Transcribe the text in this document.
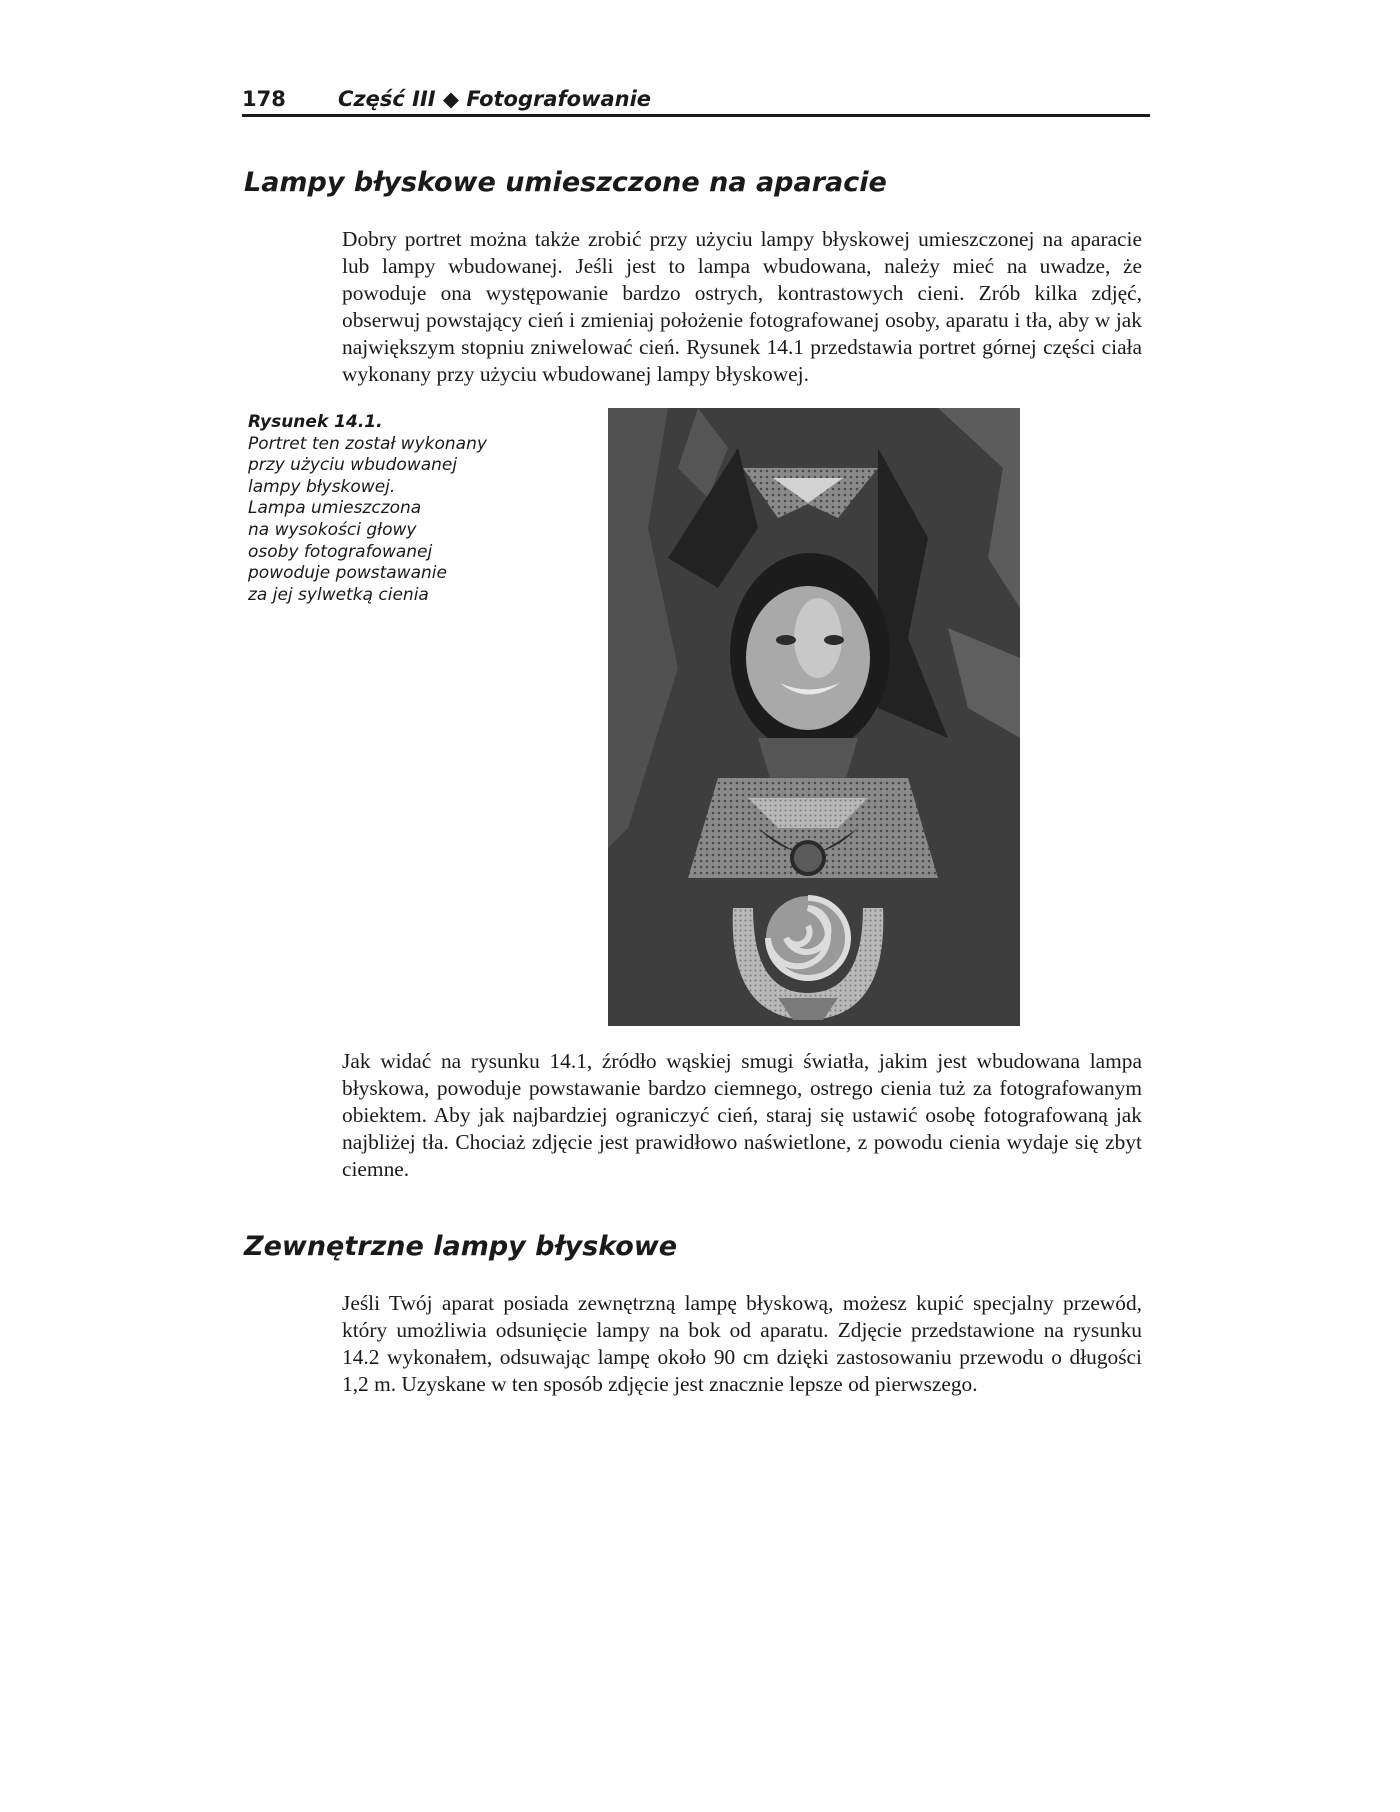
178 Część III ◆ Fotografowanie
Lampy błyskowe umieszczone na aparacie

Dobry portret można także zrobić przy użyciu lampy błyskowej umieszczonej na aparacie lub lampy wbudowanej. Jeśli jest to lampa wbudowana, należy mieć na uwadze, że powoduje ona występowanie bardzo ostrych, kontrastowych cieni. Zrób kilka zdjęć, obserwuj powstający cień i zmieniaj położenie fotografowanej osoby, aparatu i tła, aby w jak największym stopniu zniwelować cień. Rysunek 14.1 przedstawia portret górnej części ciała wykonany przy użyciu wbudowanej lampy błyskowej.

Rysunek 14.1.
Portret ten został wykonany
przy użyciu wbudowanej
lampy błyskowej.
Lampa umieszczona
na wysokości głowy
osoby fotografowanej
powoduje powstawanie
za jej sylwetką cienia

Jak widać na rysunku 14.1, źródło wąskiej smugi światła, jakim jest wbudowana lampa błyskowa, powoduje powstawanie bardzo ciemnego, ostrego cienia tuż za fotografowanym obiektem. Aby jak najbardziej ograniczyć cień, staraj się ustawić osobę fotografowaną jak najbliżej tła. Chociaż zdjęcie jest prawidłowo naświetlone, z powodu cienia wydaje się zbyt ciemne.

Zewnętrzne lampy błyskowe

Jeśli Twój aparat posiada zewnętrzną lampę błyskową, możesz kupić specjalny przewód, który umożliwia odsunięcie lampy na bok od aparatu. Zdjęcie przedstawione na rysunku 14.2 wykonałem, odsuwając lampę około 90 cm dzięki zastosowaniu przewodu o długości 1,2 m. Uzyskane w ten sposób zdjęcie jest znacznie lepsze od pierwszego.
